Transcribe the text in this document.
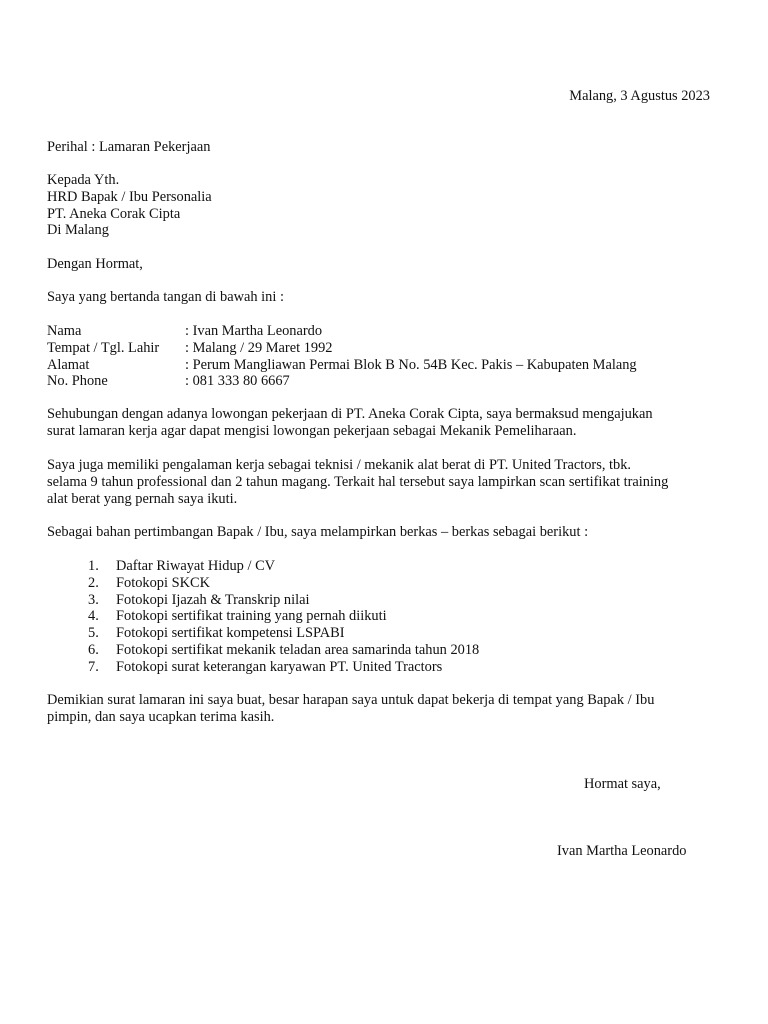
Malang, 3 Agustus 2023
Perihal : Lamaran Pekerjaan
Kepada Yth.
HRD Bapak / Ibu Personalia
PT. Aneka Corak Cipta
Di Malang
Dengan Hormat,
Saya yang bertanda tangan di bawah ini :
Nama	: Ivan Martha Leonardo
Tempat / Tgl. Lahir	: Malang / 29 Maret 1992
Alamat	: Perum Mangliawan Permai Blok B No. 54B Kec. Pakis – Kabupaten Malang
No. Phone	: 081 333 80 6667
Sehubungan dengan adanya lowongan pekerjaan di PT. Aneka Corak Cipta, saya bermaksud mengajukan
surat lamaran kerja agar dapat mengisi lowongan pekerjaan sebagai Mekanik Pemeliharaan.
Saya juga memiliki pengalaman kerja sebagai teknisi / mekanik alat berat di PT. United Tractors, tbk.
selama 9 tahun professional dan 2 tahun magang. Terkait hal tersebut saya lampirkan scan sertifikat training
alat berat yang pernah saya ikuti.
Sebagai bahan pertimbangan Bapak / Ibu, saya melampirkan berkas – berkas sebagai berikut :
1. Daftar Riwayat Hidup / CV
2. Fotokopi SKCK
3. Fotokopi Ijazah & Transkrip nilai
4. Fotokopi sertifikat training yang pernah diikuti
5. Fotokopi sertifikat kompetensi LSPABI
6. Fotokopi sertifikat mekanik teladan area samarinda tahun 2018
7. Fotokopi surat keterangan karyawan PT. United Tractors
Demikian surat lamaran ini saya buat, besar harapan saya untuk dapat bekerja di tempat yang Bapak / Ibu
pimpin, dan saya ucapkan terima kasih.
Hormat saya,
Ivan Martha Leonardo
